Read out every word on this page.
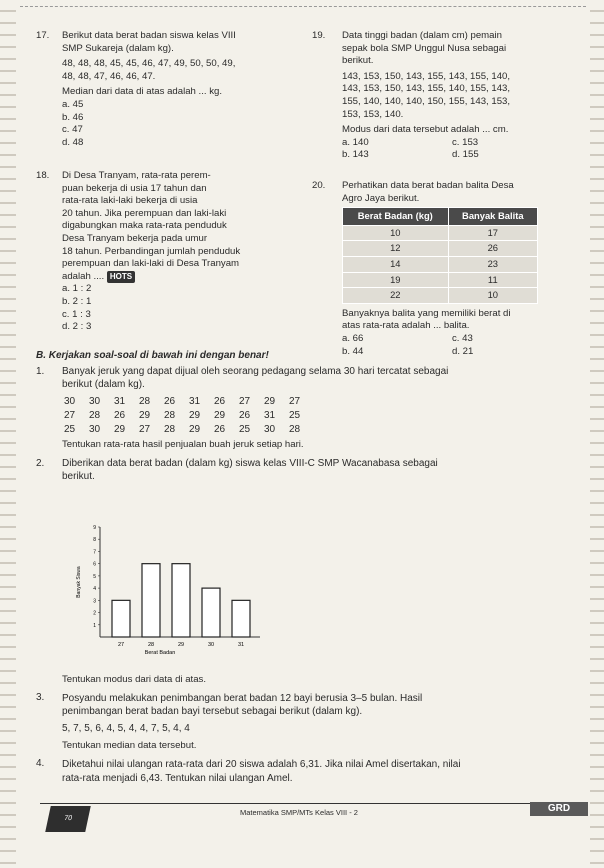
17. Berikut data berat badan siswa kelas VIII

SMP Sukareja (dalam kg).

48, 48, 48, 45, 45, 46, 47, 49, 50, 50, 49,

48, 48, 47, 46, 46, 47.

Median dari data di atas adalah ... kg.

a. 45

b. 46

c. 47

d. 48

18. Di Desa Tranyam, rata-rata perem-

puan bekerja di usia 17 tahun dan

rata-rata laki-laki bekerja di usia

20 tahun. Jika perempuan dan laki-laki

digabungkan maka rata-rata penduduk

Desa Tranyam bekerja pada umur

18 tahun. Perbandingan jumlah penduduk

perempuan dan laki-laki di Desa Tranyam

adalah .... HOTS

a. 1 : 2

b. 2 : 1

c. 1 : 3

d. 2 : 3

19. Data tinggi badan (dalam cm) pemain

sepak bola SMP Unggul Nusa sebagai

berikut.

143, 153, 150, 143, 155, 143, 155, 140,

143, 153, 150, 143, 155, 140, 155, 143,

155, 140, 140, 140, 150, 155, 143, 153,

153, 153, 140.

Modus dari data tersebut adalah ... cm.

a. 140	c. 153
b. 143	d. 155
20. Perhatikan data berat badan balita Desa

Agro Jaya berikut.

Berat Badan (kg)	Banyak Balita
10	17
12	26
14	23
19	11
22	10

Banyaknya balita yang memiliki berat di

atas rata-rata adalah ... balita.

a. 66	c. 43
b. 44	d. 21
B. Kerjakan soal-soal di bawah ini dengan benar!
1. Banyak jeruk yang dapat dijual oleh seorang pedagang selama 30 hari tercatat sebagai

berikut (dalam kg).

30 30 31 28 26 31 26 27 29 27
27 28 26 29 28 29 29 26 31 25
25 30 29 27 28 29 26 25 30 28
Tentukan rata-rata hasil penjualan buah jeruk setiap hari.
2. Diberikan data berat badan (dalam kg) siswa kelas VIII-C SMP Wacanabasa sebagai

berikut.

1
2
3
4
5
6
7
8
9
27	28	29	30	31
Berat Badan
Banyak Siswa
Tentukan modus dari data di atas.
3. Posyandu melakukan penimbangan berat badan 12 bayi berusia 3–5 bulan. Hasil

penimbangan berat badan bayi tersebut sebagai berikut (dalam kg).

5, 7, 5, 6, 4, 5, 4, 4, 7, 5, 4, 4

Tentukan median data tersebut.

4. Diketahui nilai ulangan rata-rata dari 20 siswa adalah 6,31. Jika nilai Amel disertakan, nilai

rata-rata menjadi 6,43. Tentukan nilai ulangan Amel.

70
Matematika SMP/MTs Kelas VIII - 2	GRD
